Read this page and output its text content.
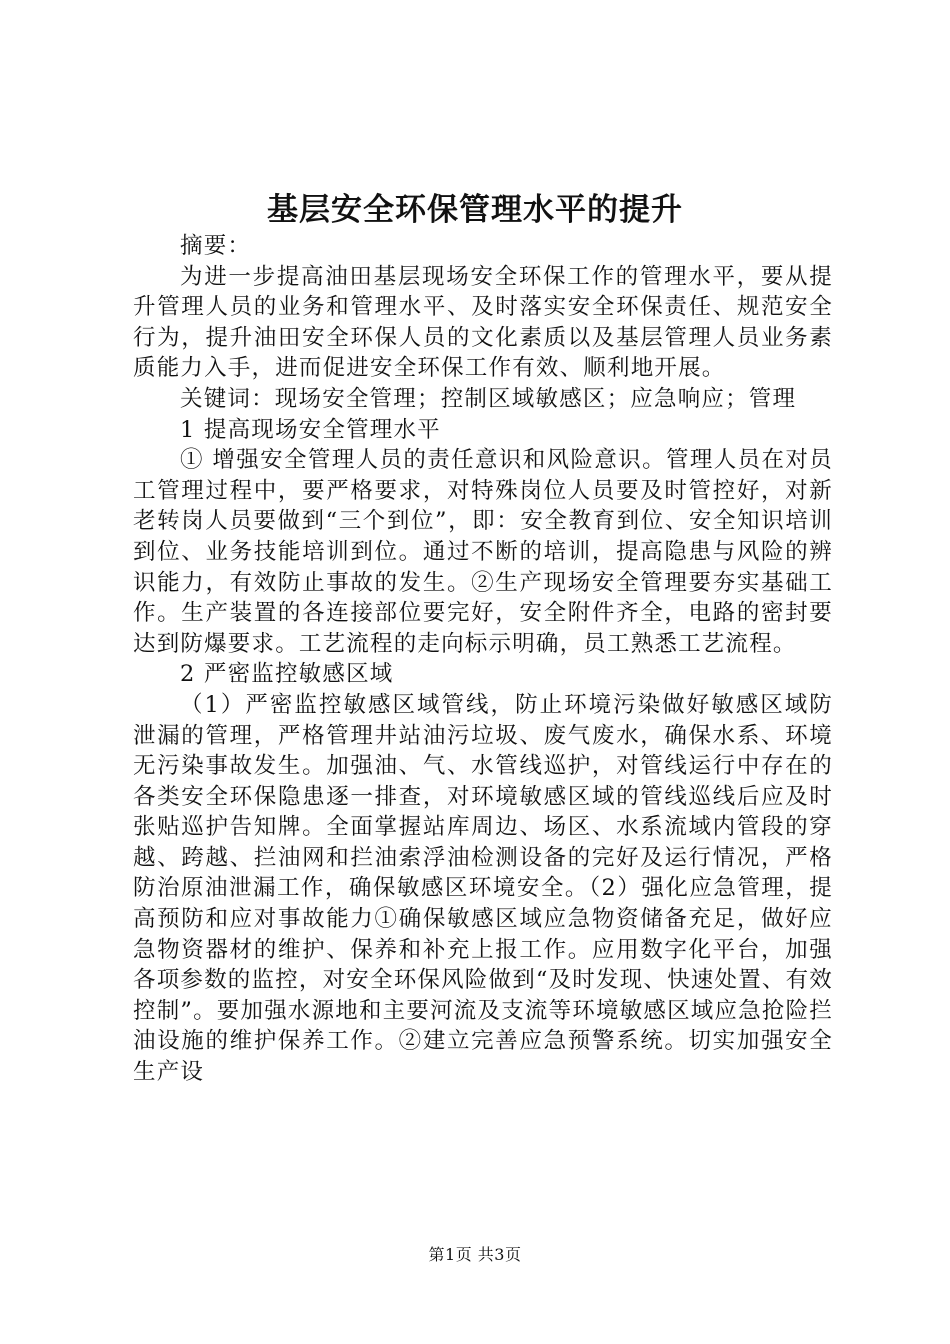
基层安全环保管理水平的提升

摘要：

为进一步提高油田基层现场安全环保工作的管理水平，要从提升管理人员的业务和管理水平、及时落实安全环保责任、规范安全行为，提升油田安全环保人员的文化素质以及基层管理人员业务素质能力入手，进而促进安全环保工作有效、顺利地开展。

关键词：现场安全管理；控制区域敏感区；应急响应；管理

1 提高现场安全管理水平

① 增强安全管理人员的责任意识和风险意识。管理人员在对员工管理过程中，要严格要求，对特殊岗位人员要及时管控好，对新老转岗人员要做到“三个到位”，即：安全教育到位、安全知识培训到位、业务技能培训到位。通过不断的培训，提高隐患与风险的辨识能力，有效防止事故的发生。②生产现场安全管理要夯实基础工作。生产装置的各连接部位要完好，安全附件齐全，电路的密封要达到防爆要求。工艺流程的走向标示明确，员工熟悉工艺流程。

2 严密监控敏感区域

（1）严密监控敏感区域管线，防止环境污染做好敏感区域防泄漏的管理，严格管理井站油污垃圾、废气废水，确保水系、环境无污染事故发生。加强油、气、水管线巡护，对管线运行中存在的各类安全环保隐患逐一排查，对环境敏感区域的管线巡线后应及时张贴巡护告知牌。全面掌握站库周边、场区、水系流域内管段的穿越、跨越、拦油网和拦油索浮油检测设备的完好及运行情况，严格防治原油泄漏工作，确保敏感区环境安全。（2）强化应急管理，提高预防和应对事故能力①确保敏感区域应急物资储备充足，做好应急物资器材的维护、保养和补充上报工作。应用数字化平台，加强各项参数的监控，对安全环保风险做到“及时发现、快速处置、有效控制”。要加强水源地和主要河流及支流等环境敏感区域应急抢险拦油设施的维护保养工作。②建立完善应急预警系统。切实加强安全生产设

第1页 共3页
